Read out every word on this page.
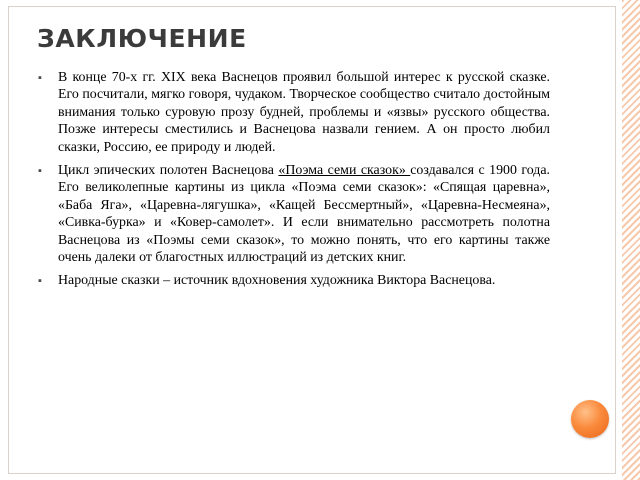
ЗАКЛЮЧЕНИЕ

▪ В конце 70-х гг. XIX века Васнецов проявил большой интерес к русской сказке. Его посчитали, мягко говоря, чудаком. Творческое сообщество считало достойным внимания только суровую прозу будней, проблемы и «язвы» русского общества. Позже интересы сместились и Васнецова назвали гением. А он просто любил сказки, Россию, ее природу и людей.

▪ Цикл эпических полотен Васнецова «Поэма семи сказок» создавался с 1900 года. Его великолепные картины из цикла «Поэма семи сказок»: «Спящая царевна», «Баба Яга», «Царевна-лягушка», «Кащей Бессмертный», «Царевна-Несмеяна», «Сивка-бурка» и «Ковер-самолет». И если внимательно рассмотреть полотна Васнецова из «Поэмы семи сказок», то можно понять, что его картины также очень далеки от благостных иллюстраций из детских книг.

▪ Народные сказки – источник вдохновения художника Виктора Васнецова.
